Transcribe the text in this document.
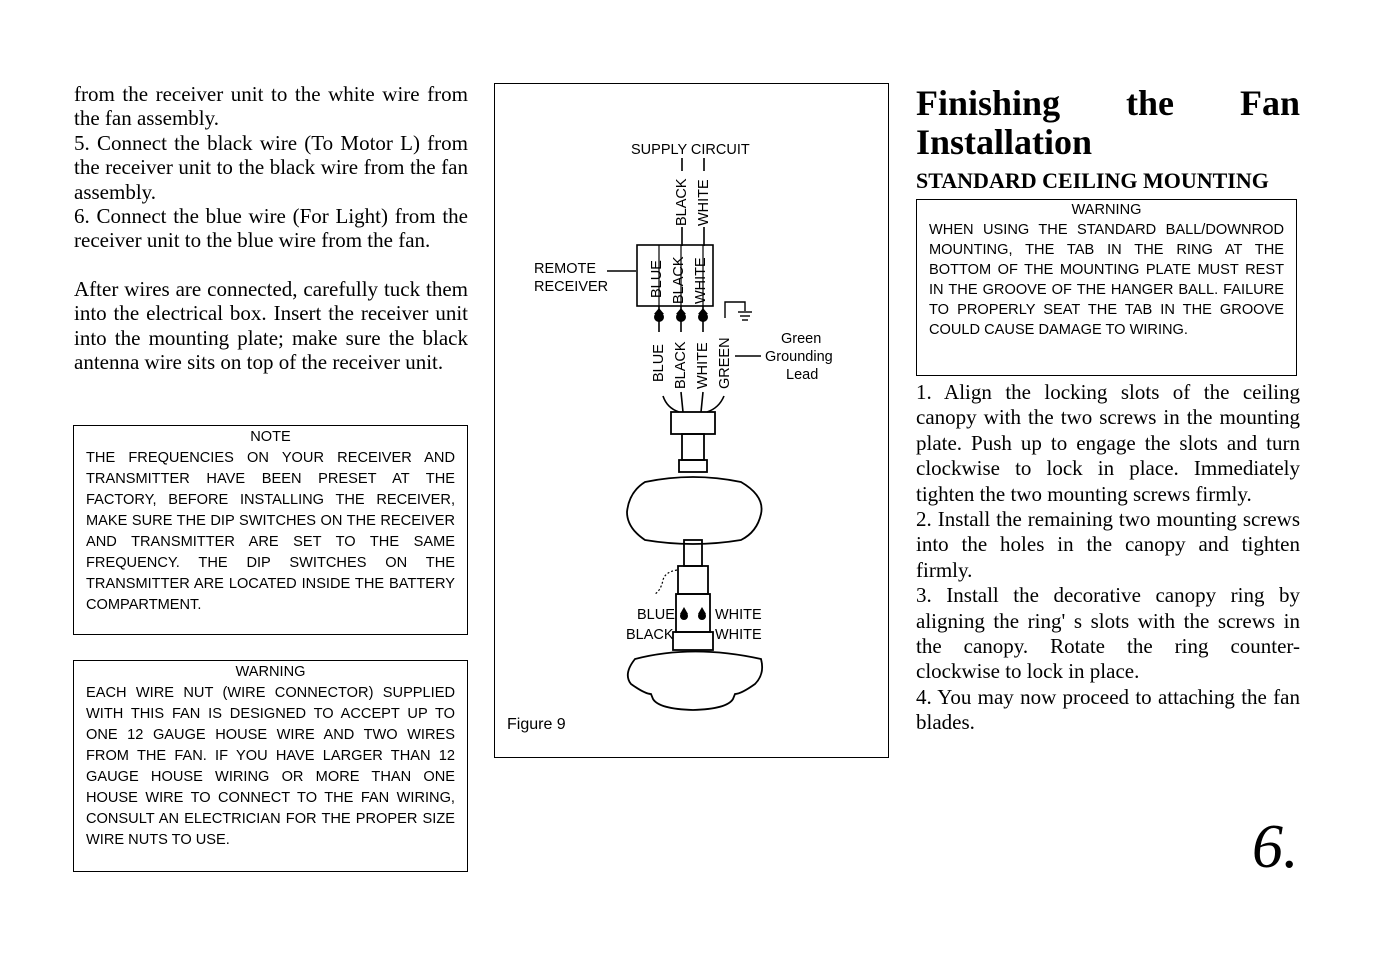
from the receiver unit to the white wire from the fan assembly.

5. Connect the black wire (To Motor L) from the receiver unit to the black wire from the fan assembly.

6. Connect the blue wire (For Light) from the receiver unit to the blue wire from the fan.

After wires are connected, carefully tuck them into the electrical box. Insert the receiver unit into the mounting plate; make sure the black antenna wire sits on top of the receiver unit.

NOTE
THE FREQUENCIES ON YOUR RECEIVER AND TRANSMITTER HAVE BEEN PRESET AT THE FACTORY, BEFORE INSTALLING THE RECEIVER, MAKE SURE THE DIP SWITCHES ON THE RECEIVER AND TRANSMITTER ARE SET TO THE SAME FREQUENCY. THE DIP SWITCHES ON THE TRANSMITTER ARE LOCATED INSIDE THE BATTERY COMPARTMENT.
WARNING
EACH WIRE NUT (WIRE CONNECTOR) SUPPLIED WITH THIS FAN IS DESIGNED TO ACCEPT UP TO ONE 12 GAUGE HOUSE WIRE AND TWO WIRES FROM THE FAN. IF YOU HAVE LARGER THAN 12 GAUGE HOUSE WIRING OR MORE THAN ONE HOUSE WIRE TO CONNECT TO THE FAN WIRING, CONSULT AN ELECTRICIAN FOR THE PROPER SIZE WIRE NUTS TO USE.
SUPPLY CIRCUIT
BLACK WHITE
BLUE BLACK WHITE
REMOTE
RECEIVER
BLUE BLACK WHITE GREEN	Green
Grounding
Lead
BLUE
BLACK
WHITE
WHITE
Figure 9
Finishing the Fan
Installation
STANDARD CEILING MOUNTING
WARNING
WHEN USING THE STANDARD BALL/DOWNROD MOUNTING, THE TAB IN THE RING AT THE BOTTOM OF THE MOUNTING PLATE MUST REST IN THE GROOVE OF THE HANGER BALL. FAILURE TO PROPERLY SEAT THE TAB IN THE GROOVE COULD CAUSE DAMAGE TO WIRING.

1. Align the locking slots of the ceiling canopy with the two screws in the mounting plate. Push up to engage the slots and turn clockwise to lock in place. Immediately tighten the two mounting screws firmly.

2. Install the remaining two mounting screws into the holes in the canopy and tighten firmly.

3. Install the decorative canopy ring by aligning the ring' s slots with the screws in the canopy. Rotate the ring counter-clockwise to lock in place.

4. You may now proceed to attaching the fan blades.

6.
